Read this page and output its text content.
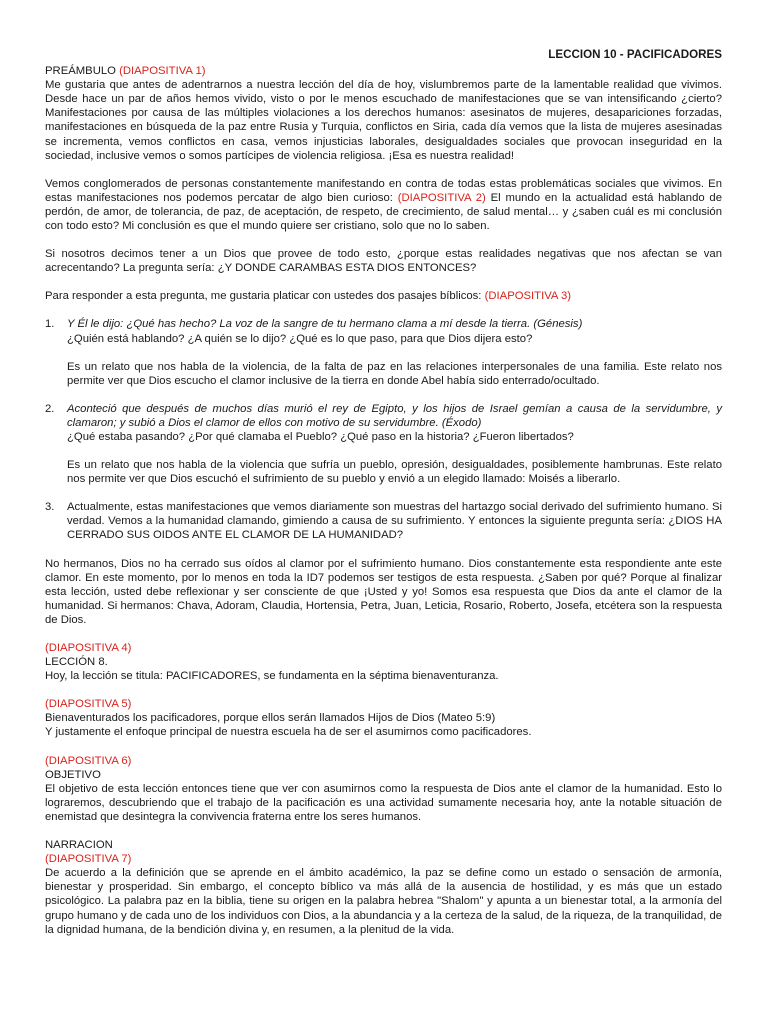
LECCION 10 - PACIFICADORES

PREÁMBULO (DIAPOSITIVA 1)

Me gustaria que antes de adentrarnos a nuestra lección del día de hoy, vislumbremos parte de la lamentable realidad que vivimos. Desde hace un par de años hemos vivido, visto o por le menos escuchado de manifestaciones que se van intensificando ¿cierto? Manifestaciones por causa de las múltiples violaciones a los derechos humanos: asesinatos de mujeres, desapariciones forzadas, manifestaciones en búsqueda de la paz entre Rusia y Turquia, conflictos en Siria, cada día vemos que la lista de mujeres asesinadas se incrementa, vemos conflictos en casa, vemos injusticias laborales, desigualdades sociales que provocan inseguridad en la sociedad, inclusive vemos o somos partícipes de violencia religiosa. ¡Esa es nuestra realidad!

Vemos conglomerados de personas constantemente manifestando en contra de todas estas problemáticas sociales que vivimos. En estas manifestaciones nos podemos percatar de algo bien curioso: (DIAPOSITIVA 2) El mundo en la actualidad está hablando de perdón, de amor, de tolerancia, de paz, de aceptación, de respeto, de crecimiento, de salud mental… y ¿saben cuál es mi conclusión con todo esto? Mi conclusión es que el mundo quiere ser cristiano, solo que no lo saben.

Si nosotros decimos tener a un Dios que provee de todo esto, ¿porque estas realidades negativas que nos afectan se van acrecentando? La pregunta sería: ¿Y DONDE CARAMBAS ESTA DIOS ENTONCES?

Para responder a esta pregunta, me gustaria platicar con ustedes dos pasajes bíblicos: (DIAPOSITIVA 3)

1.	Y Él le dijo: ¿Qué has hecho? La voz de la sangre de tu hermano clama a mí desde la tierra. (Génesis)

¿Quién está hablando? ¿A quién se lo dijo? ¿Qué es lo que paso, para que Dios dijera esto?

Es un relato que nos habla de la violencia, de la falta de paz en las relaciones interpersonales de una familia. Este relato nos permite ver que Dios escucho el clamor inclusive de la tierra en donde Abel había sido enterrado/ocultado.

2.	Aconteció que después de muchos días murió el rey de Egipto, y los hijos de Israel gemían a causa de la servidumbre, y clamaron; y subió a Dios el clamor de ellos con motivo de su servidumbre. (Éxodo)

¿Qué estaba pasando? ¿Por qué clamaba el Pueblo? ¿Qué paso en la historia? ¿Fueron libertados?

Es un relato que nos habla de la violencia que sufría un pueblo, opresión, desigualdades, posiblemente hambrunas. Este relato nos permite ver que Dios escuchó el sufrimiento de su pueblo y envió a un elegido llamado: Moisés a liberarlo.

3.	Actualmente, estas manifestaciones que vemos diariamente son muestras del hartazgo social derivado del sufrimiento humano. Si verdad. Vemos a la humanidad clamando, gimiendo a causa de su sufrimiento. Y entonces la siguiente pregunta sería: ¿DIOS HA CERRADO SUS OIDOS ANTE EL CLAMOR DE LA HUMANIDAD?

No hermanos, Dios no ha cerrado sus oídos al clamor por el sufrimiento humano. Dios constantemente esta respondiente ante este clamor. En este momento, por lo menos en toda la ID7 podemos ser testigos de esta respuesta. ¿Saben por qué? Porque al finalizar esta lección, usted debe reflexionar y ser consciente de que ¡Usted y yo! Somos esa respuesta que Dios da ante el clamor de la humanidad. Si hermanos: Chava, Adoram, Claudia, Hortensia, Petra, Juan, Leticia, Rosario, Roberto, Josefa, etcétera son la respuesta de Dios.

(DIAPOSITIVA 4)

LECCIÓN 8.

Hoy, la lección se titula: PACIFICADORES, se fundamenta en la séptima bienaventuranza.

(DIAPOSITIVA 5)

Bienaventurados los pacificadores, porque ellos serán llamados Hijos de Dios (Mateo 5:9)

Y justamente el enfoque principal de nuestra escuela ha de ser el asumirnos como pacificadores.

(DIAPOSITIVA 6)

OBJETIVO

El objetivo de esta lección entonces tiene que ver con asumirnos como la respuesta de Dios ante el clamor de la humanidad. Esto lo lograremos, descubriendo que el trabajo de la pacificación es una actividad sumamente necesaria hoy, ante la notable situación de enemistad que desintegra la convivencia fraterna entre los seres humanos.

NARRACION

(DIAPOSITIVA 7)

De acuerdo a la definición que se aprende en el ámbito académico, la paz se define como un estado o sensación de armonía, bienestar y prosperidad. Sin embargo, el concepto bíblico va más allá de la ausencia de hostilidad, y es más que un estado psicológico. La palabra paz en la biblia, tiene su origen en la palabra hebrea "Shalom" y apunta a un bienestar total, a la armonía del grupo humano y de cada uno de los individuos con Dios, a la abundancia y a la certeza de la salud, de la riqueza, de la tranquilidad, de la dignidad humana, de la bendición divina y, en resumen, a la plenitud de la vida.
